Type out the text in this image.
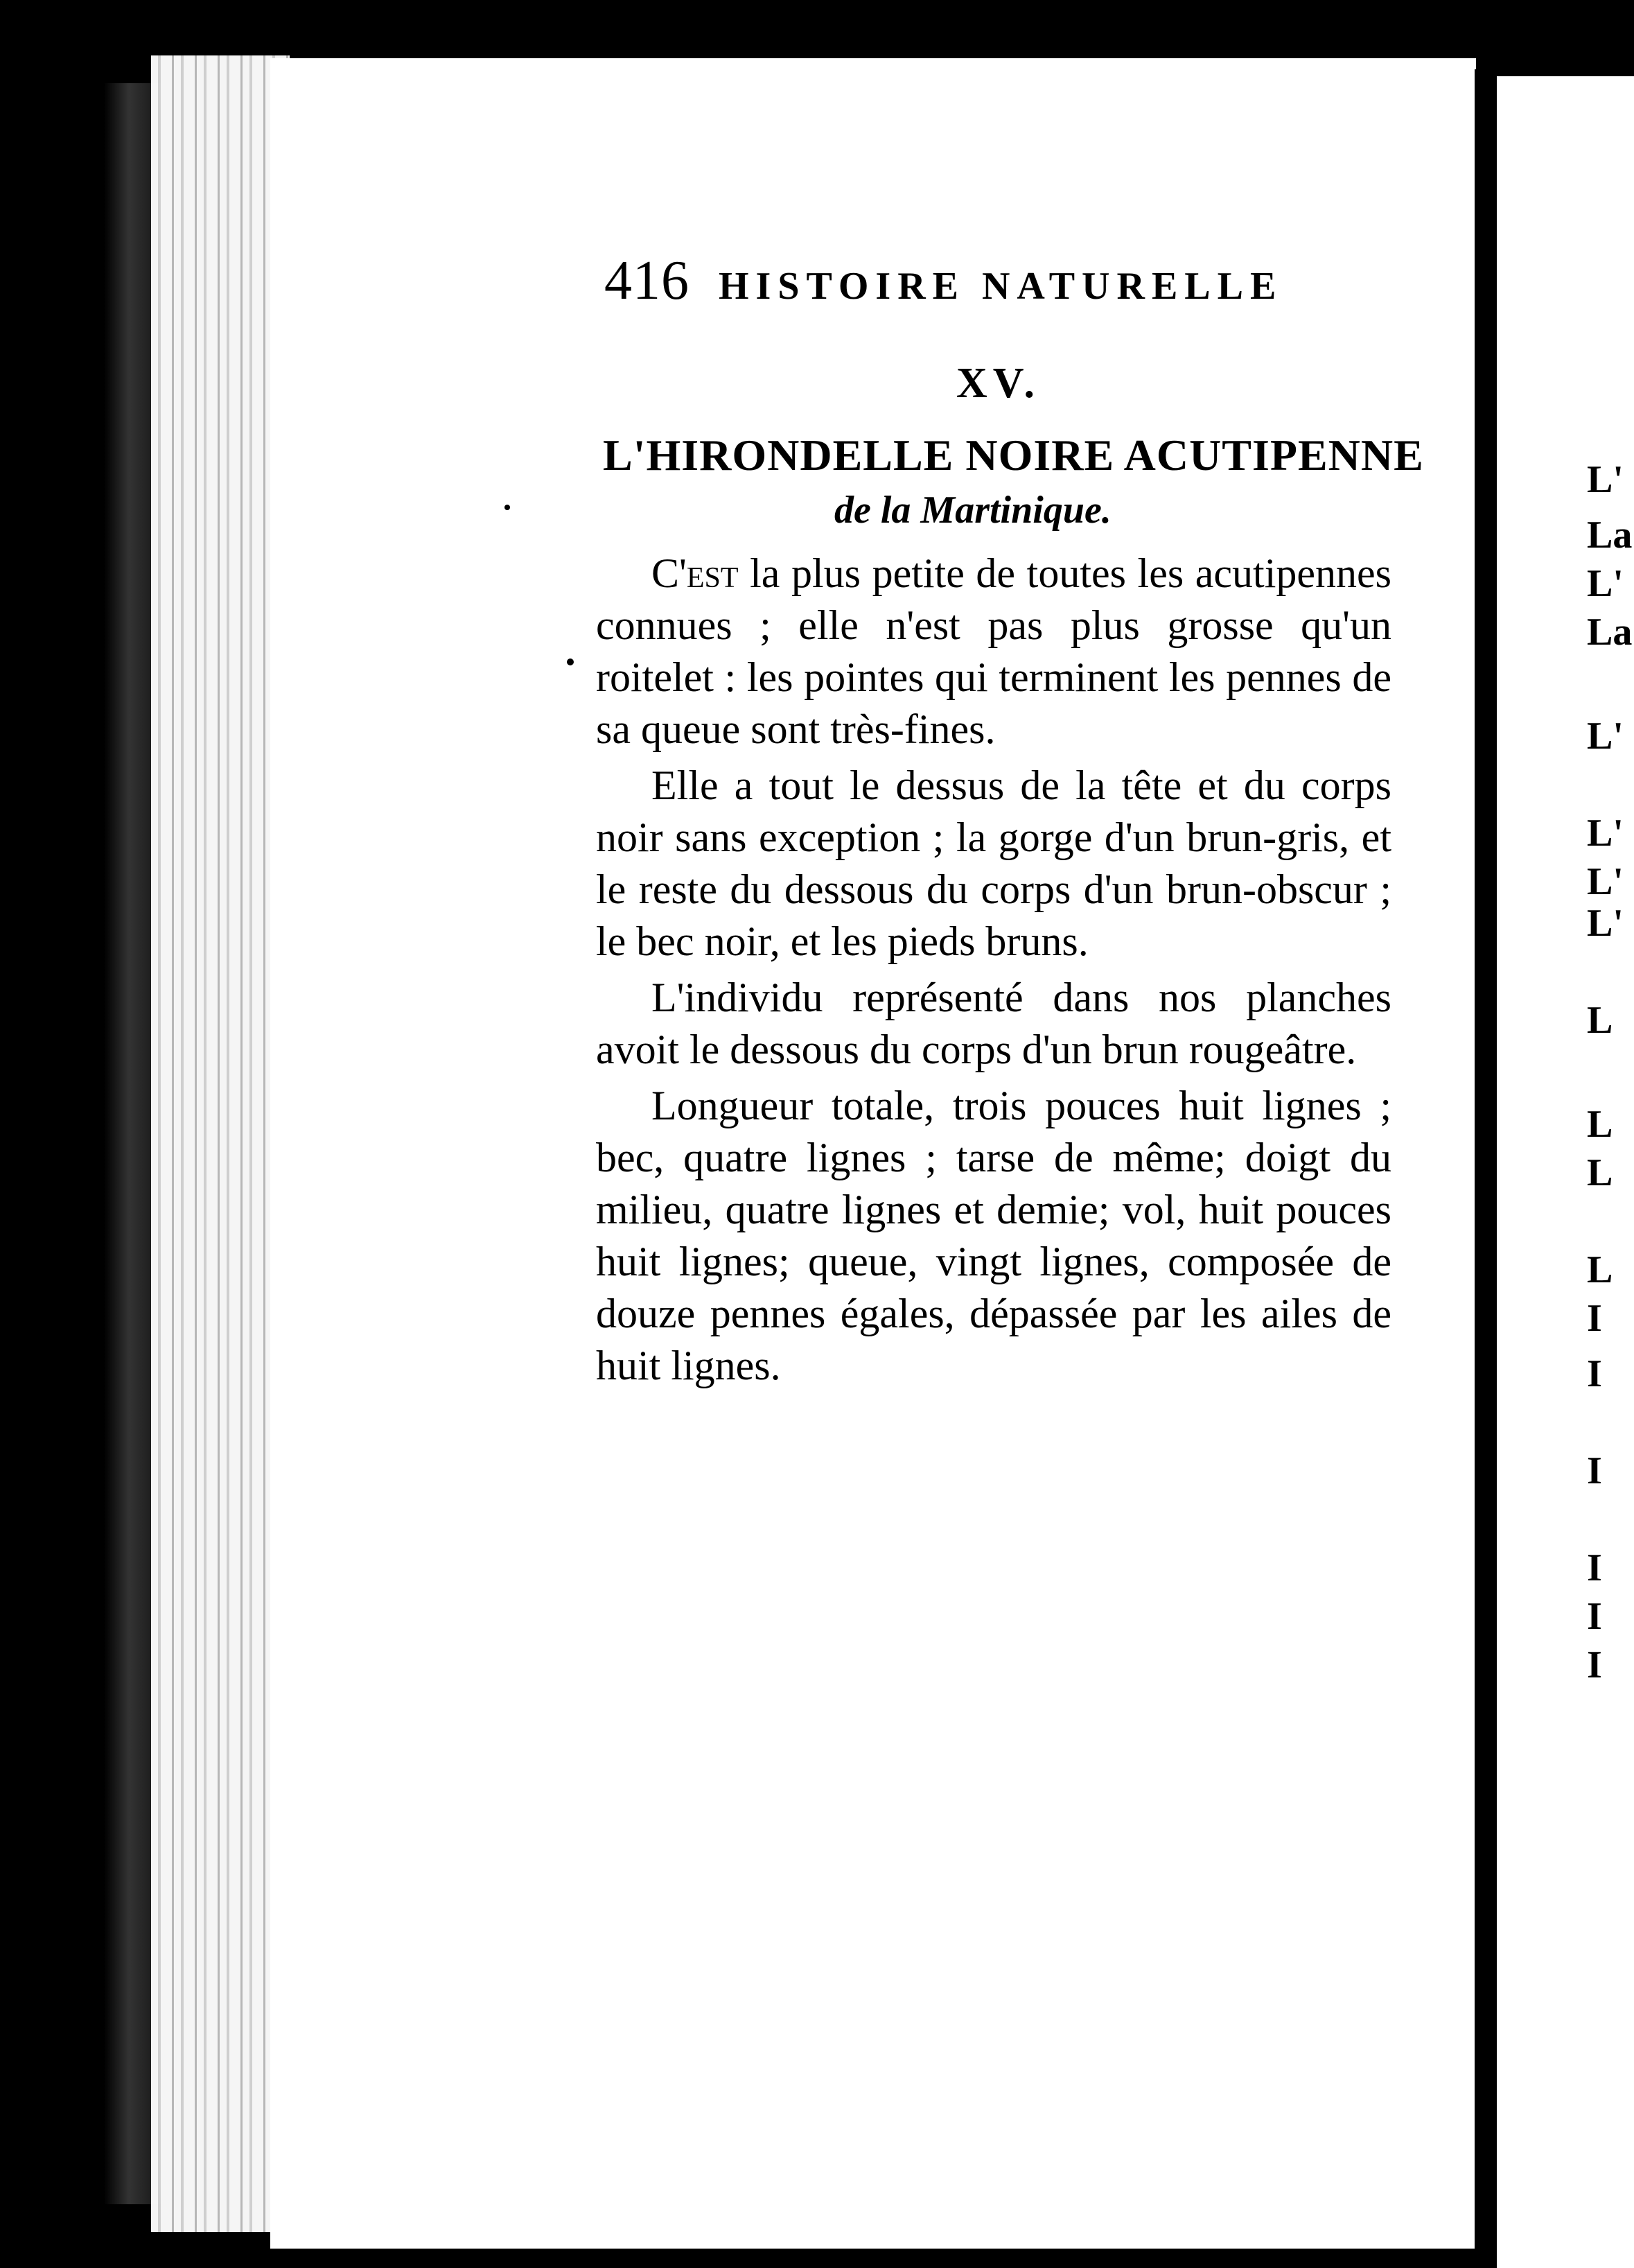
416 HISTOIRE NATURELLE
XV.
L'HIRONDELLE NOIRE ACUTIPENNE
de la Martinique.

C'est la plus petite de toutes les acutipennes connues ; elle n'est pas plus grosse qu'un roitelet : les pointes qui terminent les pennes de sa queue sont très-fines.

Elle a tout le dessus de la tête et du corps noir sans exception ; la gorge d'un brun-gris, et le reste du dessous du corps d'un brun-obscur ; le bec noir, et les pieds bruns.

L'individu représenté dans nos planches avoit le dessous du corps d'un brun rougeâtre.

Longueur totale, trois pouces huit lignes ; bec, quatre lignes ; tarse de même; doigt du milieu, quatre lignes et demie; vol, huit pouces huit lignes; queue, vingt lignes, composée de douze pennes égales, dépassée par les ailes de huit lignes.

L'
La
L'
La
L'
L'
L'
L'
L
L
L
L
I
I
I
I
I
I
